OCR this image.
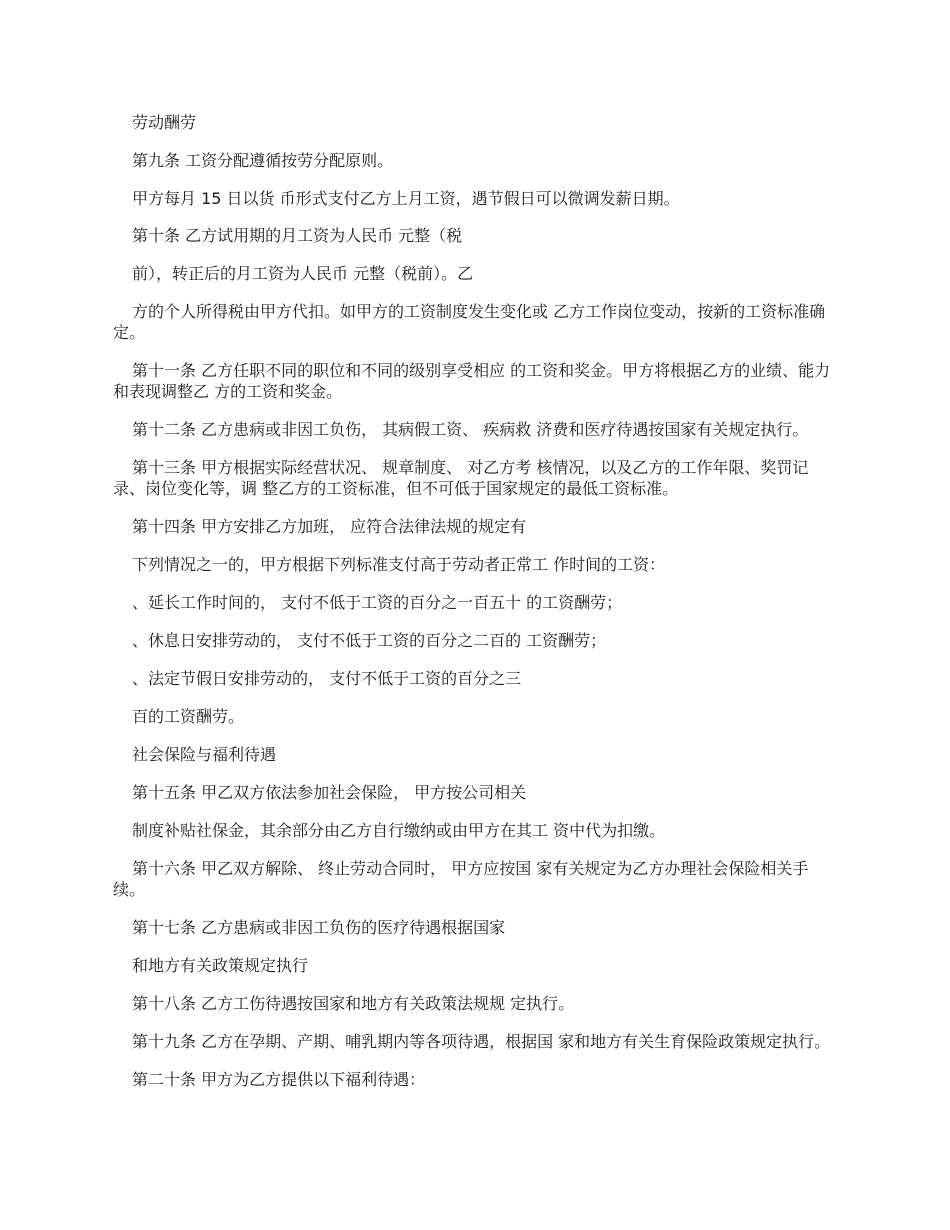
劳动酬劳

第九条 工资分配遵循按劳分配原则。

甲方每月 15 日以货 币形式支付乙方上月工资，遇节假日可以微调发薪日期。

第十条 乙方试用期的月工资为人民币 元整（税

前），转正后的月工资为人民币 元整（税前）。乙

方的个人所得税由甲方代扣。如甲方的工资制度发生变化或 乙方工作岗位变动，按新的工资标准确定。

第十一条 乙方任职不同的职位和不同的级别享受相应 的工资和奖金。甲方将根据乙方的业绩、能力和表现调整乙 方的工资和奖金。

第十二条 乙方患病或非因工负伤， 其病假工资、 疾病救 济费和医疗待遇按国家有关规定执行。

第十三条 甲方根据实际经营状况、 规章制度、 对乙方考 核情况，以及乙方的工作年限、奖罚记录、岗位变化等，调 整乙方的工资标准，但不可低于国家规定的最低工资标准。

第十四条 甲方安排乙方加班， 应符合法律法规的规定有

下列情况之一的，甲方根据下列标准支付高于劳动者正常工 作时间的工资：

、延长工作时间的， 支付不低于工资的百分之一百五十 的工资酬劳；

、休息日安排劳动的， 支付不低于工资的百分之二百的 工资酬劳；

、法定节假日安排劳动的， 支付不低于工资的百分之三

百的工资酬劳。

社会保险与福利待遇

第十五条 甲乙双方依法参加社会保险， 甲方按公司相关

制度补贴社保金，其余部分由乙方自行缴纳或由甲方在其工 资中代为扣缴。

第十六条 甲乙双方解除、 终止劳动合同时， 甲方应按国 家有关规定为乙方办理社会保险相关手续。

第十七条 乙方患病或非因工负伤的医疗待遇根据国家

和地方有关政策规定执行

第十八条 乙方工伤待遇按国家和地方有关政策法规规 定执行。

第十九条 乙方在孕期、产期、哺乳期内等各项待遇，根据国 家和地方有关生育保险政策规定执行。

第二十条 甲方为乙方提供以下福利待遇：
